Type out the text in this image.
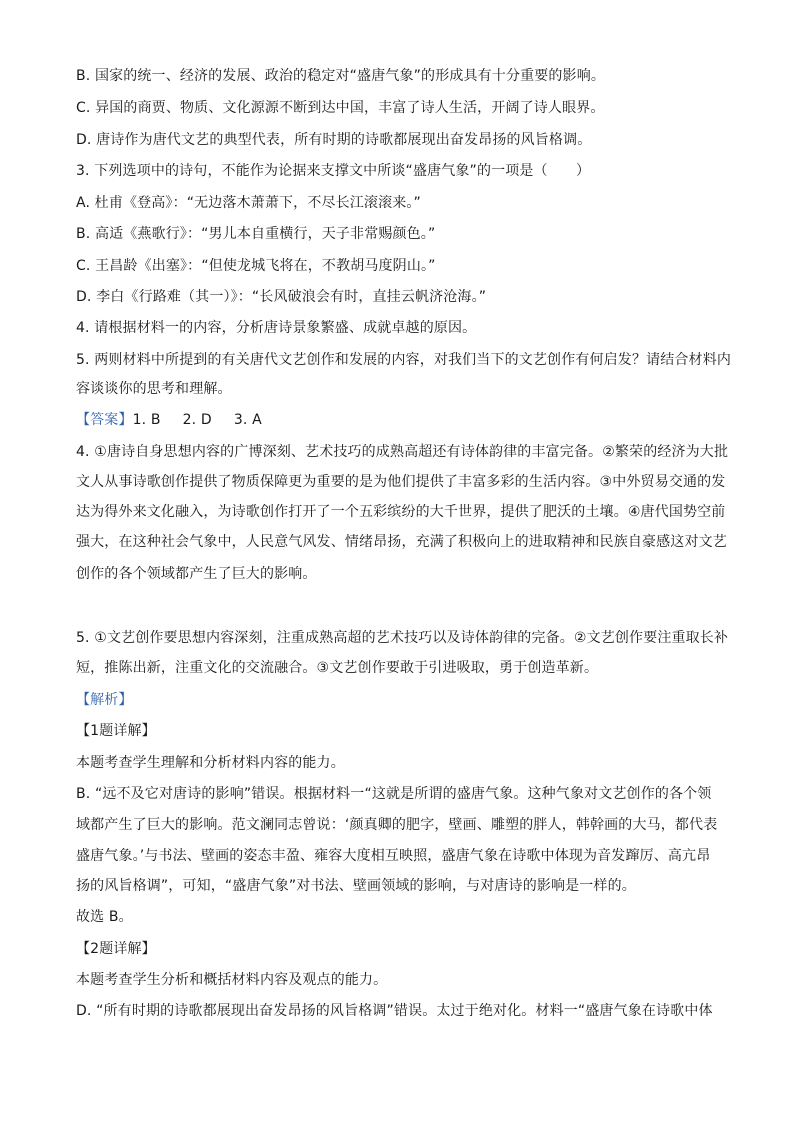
B. 国家的统一、经济的发展、政治的稳定对“盛唐气象”的形成具有十分重要的影响。
C. 异国的商贾、物质、文化源源不断到达中国，丰富了诗人生活，开阔了诗人眼界。
D. 唐诗作为唐代文艺的典型代表，所有时期的诗歌都展现出奋发昂扬的风旨格调。
3. 下列选项中的诗句，不能作为论据来支撑文中所谈“盛唐气象”的一项是（　　）
A. 杜甫《登高》：“无边落木萧萧下，不尽长江滚滚来。”
B. 高适《燕歌行》：“男儿本自重横行，天子非常赐颜色。”
C. 王昌龄《出塞》：“但使龙城飞将在，不教胡马度阴山。”
D. 李白《行路难（其一）》：“长风破浪会有时，直挂云帆济沧海。”
4. 请根据材料一的内容，分析唐诗景象繁盛、成就卓越的原因。
5. 两则材料中所提到的有关唐代文艺创作和发展的内容，对我们当下的文艺创作有何启发？请结合材料内
容谈谈你的思考和理解。
【答案】1. B 2. D 3. A
4. ①唐诗自身思想内容的广博深刻、艺术技巧的成熟高超还有诗体韵律的丰富完备。②繁荣的经济为大批
文人从事诗歌创作提供了物质保障更为重要的是为他们提供了丰富多彩的生活内容。③中外贸易交通的发
达为得外来文化融入，为诗歌创作打开了一个五彩缤纷的大千世界，提供了肥沃的土壤。④唐代国势空前
强大，在这种社会气象中，人民意气风发、情绪昂扬，充满了积极向上的进取精神和民族自豪感这对文艺
创作的各个领域都产生了巨大的影响。
5. ①文艺创作要思想内容深刻，注重成熟高超的艺术技巧以及诗体韵律的完备。②文艺创作要注重取长补
短，推陈出新，注重文化的交流融合。③文艺创作要敢于引进吸取，勇于创造革新。
【解析】
【1题详解】
本题考查学生理解和分析材料内容的能力。
B. “远不及它对唐诗的影响”错误。根据材料一“这就是所谓的盛唐气象。这种气象对文艺创作的各个领
域都产生了巨大的影响。范文澜同志曾说：‘颜真卿的肥字，壁画、雕塑的胖人，韩幹画的大马，都代表
盛唐气象。’与书法、壁画的姿态丰盈、雍容大度相互映照，盛唐气象在诗歌中体现为音发蹿厉、高亢昂
扬的风旨格调”，可知，“盛唐气象”对书法、壁画领域的影响，与对唐诗的影响是一样的。
故选 B。
【2题详解】
本题考查学生分析和概括材料内容及观点的能力。
D. “所有时期的诗歌都展现出奋发昂扬的风旨格调”错误。太过于绝对化。材料一“盛唐气象在诗歌中体
